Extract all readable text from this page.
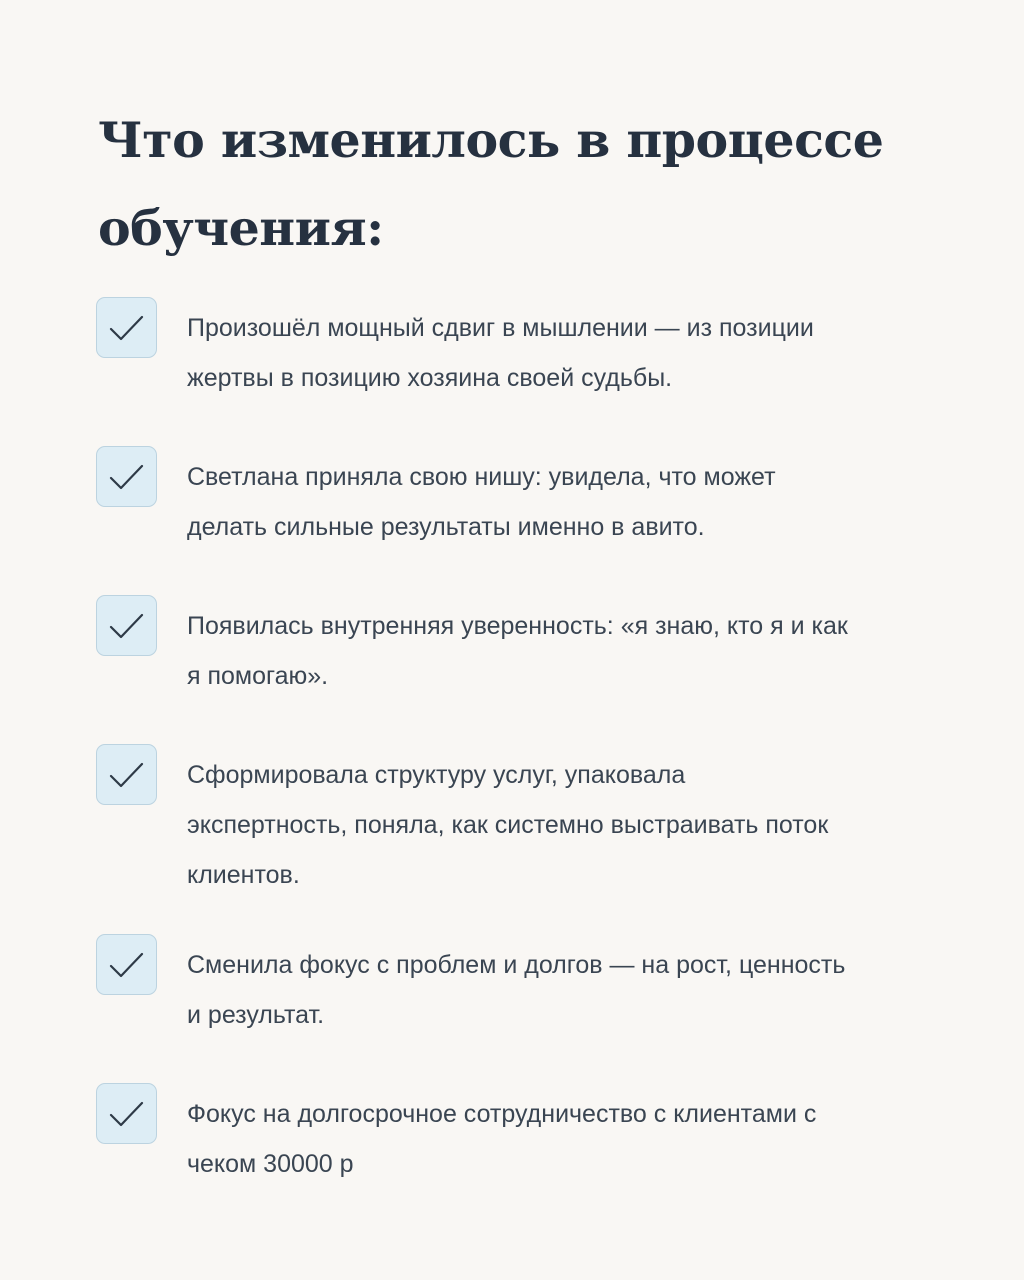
Что изменилось в процессе
обучения:
Произошёл мощный сдвиг в мышлении — из позиции
жертвы в позицию хозяина своей судьбы.
Светлана приняла свою нишу: увидела, что может
делать сильные результаты именно в авито.
Появилась внутренняя уверенность: «я знаю, кто я и как
я помогаю».
Сформировала структуру услуг, упаковала
экспертность, поняла, как системно выстраивать поток
клиентов.
Сменила фокус с проблем и долгов — на рост, ценность
и результат.
Фокус на долгосрочное сотрудничество с клиентами с
чеком 30000 р
